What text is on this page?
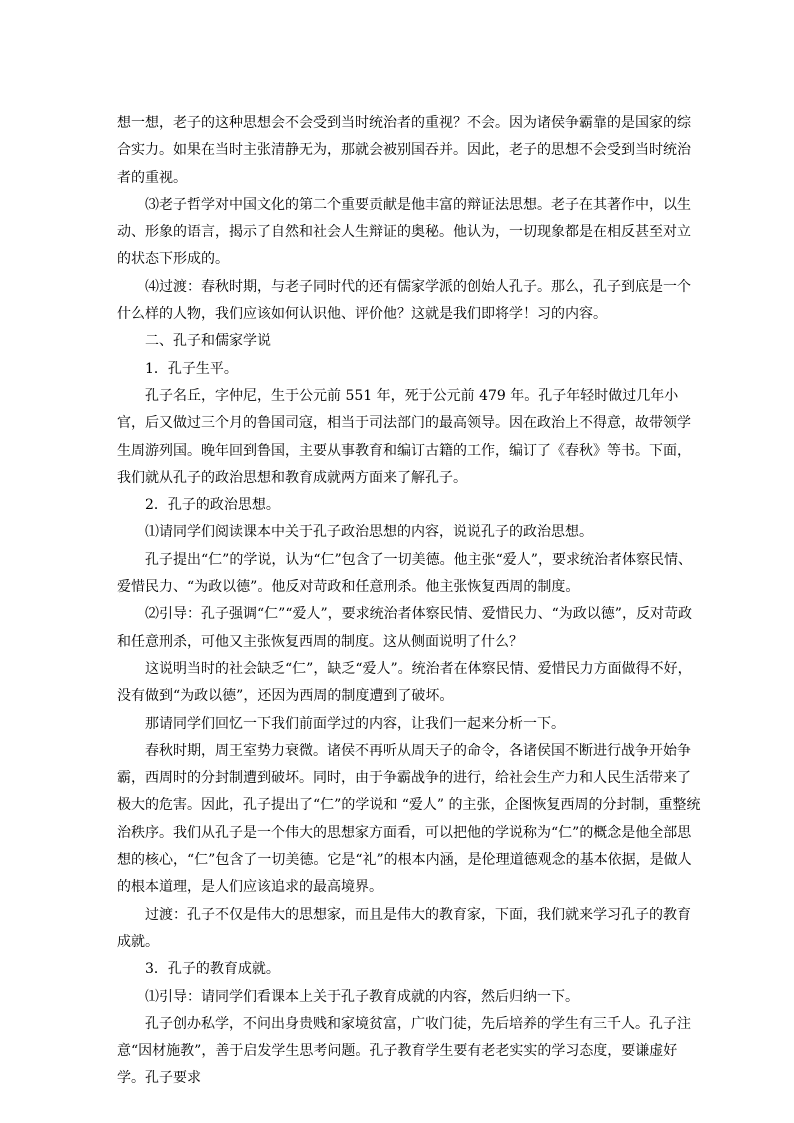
想一想，老子的这种思想会不会受到当时统治者的重视？不会。因为诸侯争霸靠的是国家的综合实力。如果在当时主张清静无为，那就会被别国吞并。因此，老子的思想不会受到当时统治者的重视。

⑶老子哲学对中国文化的第二个重要贡献是他丰富的辩证法思想。老子在其著作中，以生动、形象的语言，揭示了自然和社会人生辩证的奥秘。他认为，一切现象都是在相反甚至对立的状态下形成的。

⑷过渡：春秋时期，与老子同时代的还有儒家学派的创始人孔子。那么，孔子到底是一个什么样的人物，我们应该如何认识他、评价他？这就是我们即将学！习的内容。

二、孔子和儒家学说

1．孔子生平。

孔子名丘，字仲尼，生于公元前 551 年，死于公元前 479 年。孔子年轻时做过几年小官，后又做过三个月的鲁国司寇，相当于司法部门的最高领导。因在政治上不得意，故带领学生周游列国。晚年回到鲁国，主要从事教育和编订古籍的工作，编订了《春秋》等书。下面，我们就从孔子的政治思想和教育成就两方面来了解孔子。

2．孔子的政治思想。

⑴请同学们阅读课本中关于孔子政治思想的内容，说说孔子的政治思想。

孔子提出“仁”的学说，认为“仁”包含了一切美德。他主张“爱人”，要求统治者体察民情、爱惜民力、“为政以德”。他反对苛政和任意刑杀。他主张恢复西周的制度。

⑵引导：孔子强调“仁”“爱人”，要求统治者体察民情、爱惜民力、“为政以德”，反对苛政和任意刑杀，可他又主张恢复西周的制度。这从侧面说明了什么？

这说明当时的社会缺乏“仁”，缺乏“爱人”。统治者在体察民情、爱惜民力方面做得不好，没有做到“为政以德”，还因为西周的制度遭到了破坏。

那请同学们回忆一下我们前面学过的内容，让我们一起来分析一下。

春秋时期，周王室势力衰微。诸侯不再听从周天子的命令，各诸侯国不断进行战争开始争霸，西周时的分封制遭到破坏。同时，由于争霸战争的进行，给社会生产力和人民生活带来了极大的危害。因此，孔子提出了“仁”的学说和 “爱人” 的主张，企图恢复西周的分封制，重整统治秩序。我们从孔子是一个伟大的思想家方面看，可以把他的学说称为“仁”的概念是他全部思想的核心，“仁”包含了一切美德。它是“礼”的根本内涵，是伦理道德观念的基本依据，是做人的根本道理，是人们应该追求的最高境界。

过渡：孔子不仅是伟大的思想家，而且是伟大的教育家，下面，我们就来学习孔子的教育成就。

3．孔子的教育成就。

⑴引导：请同学们看课本上关于孔子教育成就的内容，然后归纳一下。

孔子创办私学，不问出身贵贱和家境贫富，广收门徒，先后培养的学生有三千人。孔子注意“因材施教”，善于启发学生思考问题。孔子教育学生要有老老实实的学习态度，要谦虚好学。孔子要求
